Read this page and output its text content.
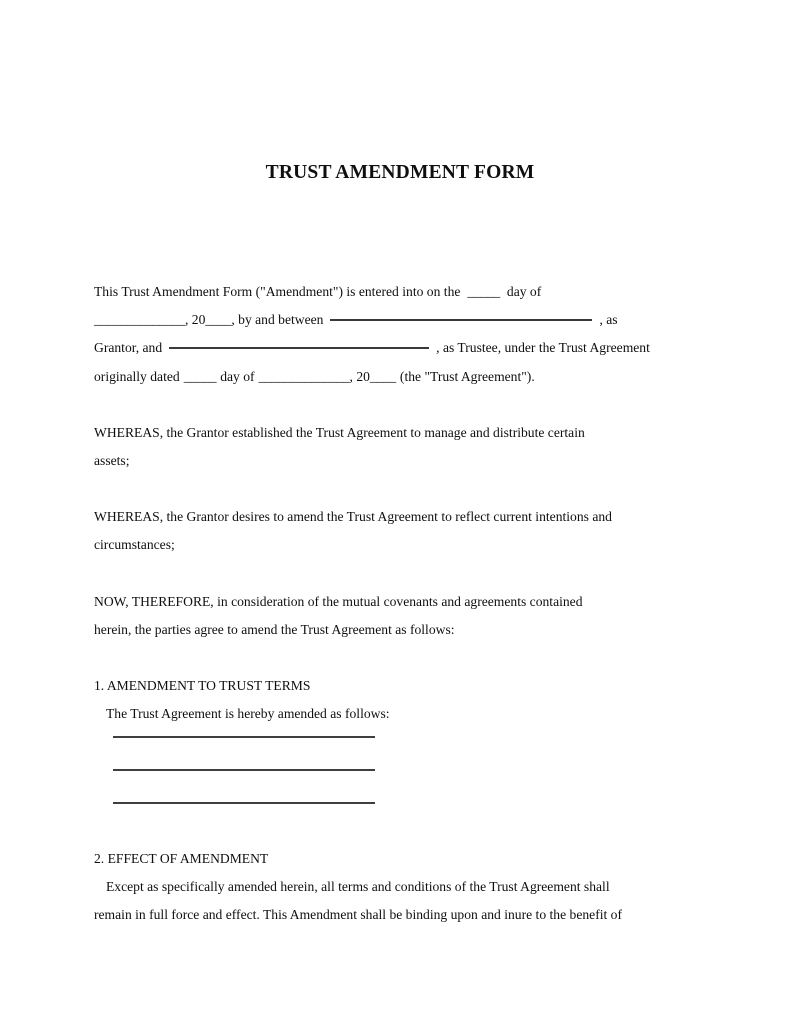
TRUST AMENDMENT FORM
This Trust Amendment Form ("Amendment") is entered into on the _____ day of
______________, 20____, by and between	, as
Grantor, and	, as Trustee, under the Trust Agreement
originally dated _____ day of ______________, 20____ (the "Trust Agreement").
WHEREAS, the Grantor established the Trust Agreement to manage and distribute certain
assets;
WHEREAS, the Grantor desires to amend the Trust Agreement to reflect current intentions and
circumstances;
NOW, THEREFORE, in consideration of the mutual covenants and agreements contained
herein, the parties agree to amend the Trust Agreement as follows:
1. AMENDMENT TO TRUST TERMS
The Trust Agreement is hereby amended as follows:
2. EFFECT OF AMENDMENT
Except as specifically amended herein, all terms and conditions of the Trust Agreement shall
remain in full force and effect. This Amendment shall be binding upon and inure to the benefit of
